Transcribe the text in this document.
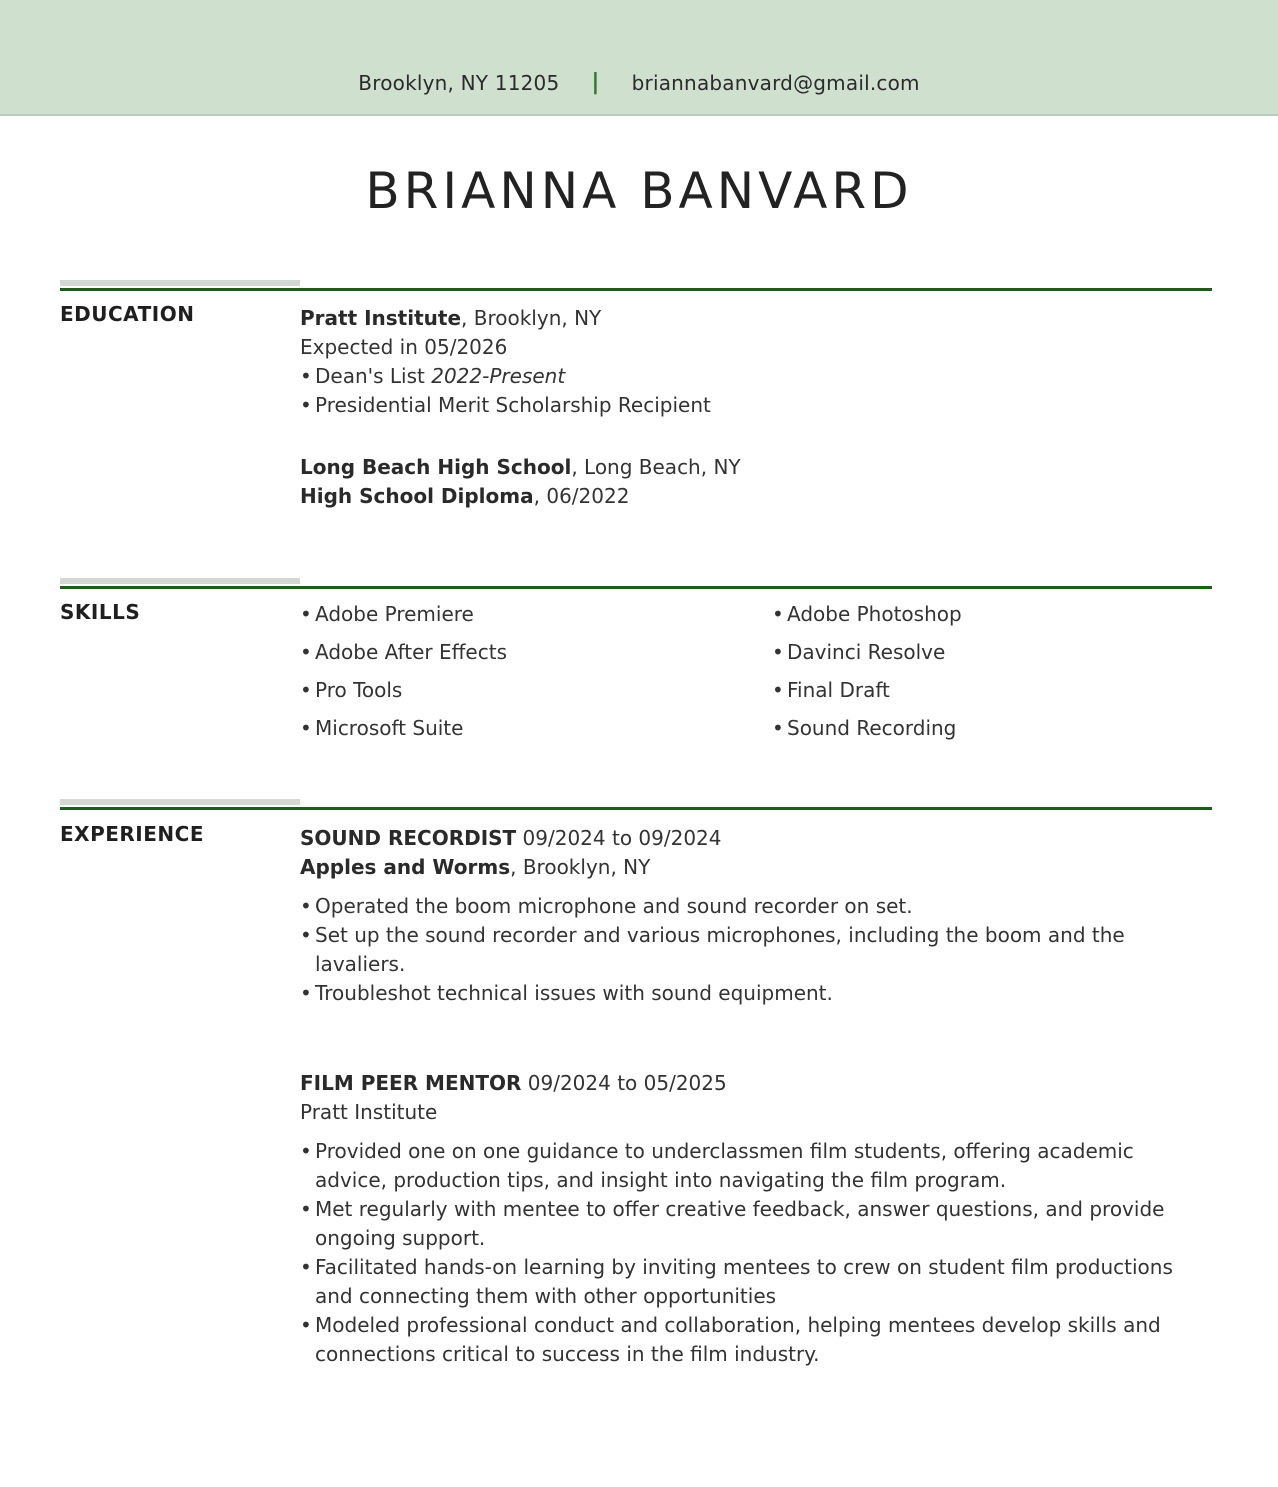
Brooklyn, NY 11205 | briannabanvard@gmail.com
BRIANNA BANVARD
EDUCATION	Pratt Institute, Brooklyn, NY

Expected in 05/2026

• Dean's List 2022-Present

• Presidential Merit Scholarship Recipient

Long Beach High School, Long Beach, NY

High School Diploma, 06/2022

SKILLS
•	Adobe Premiere
• Adobe After Effects
• Pro Tools
• Microsoft Suite
• Adobe Photoshop
• Davinci Resolve
• Final Draft
• Sound Recording
EXPERIENCE	SOUND RECORDIST 09/2024 to 09/2024

Apples and Worms, Brooklyn, NY

• Operated the boom microphone and sound recorder on set.

• Set up the sound recorder and various microphones, including the boom and the lavaliers.

• Troubleshot technical issues with sound equipment.

FILM PEER MENTOR 09/2024 to 05/2025

Pratt Institute

• Provided one on one guidance to underclassmen film students, offering academic advice, production tips, and insight into navigating the film program.

• Met regularly with mentee to offer creative feedback, answer questions, and provide ongoing support.

• Facilitated hands-on learning by inviting mentees to crew on student film productions and connecting them with other opportunities

• Modeled professional conduct and collaboration, helping mentees develop skills and connections critical to success in the film industry.
